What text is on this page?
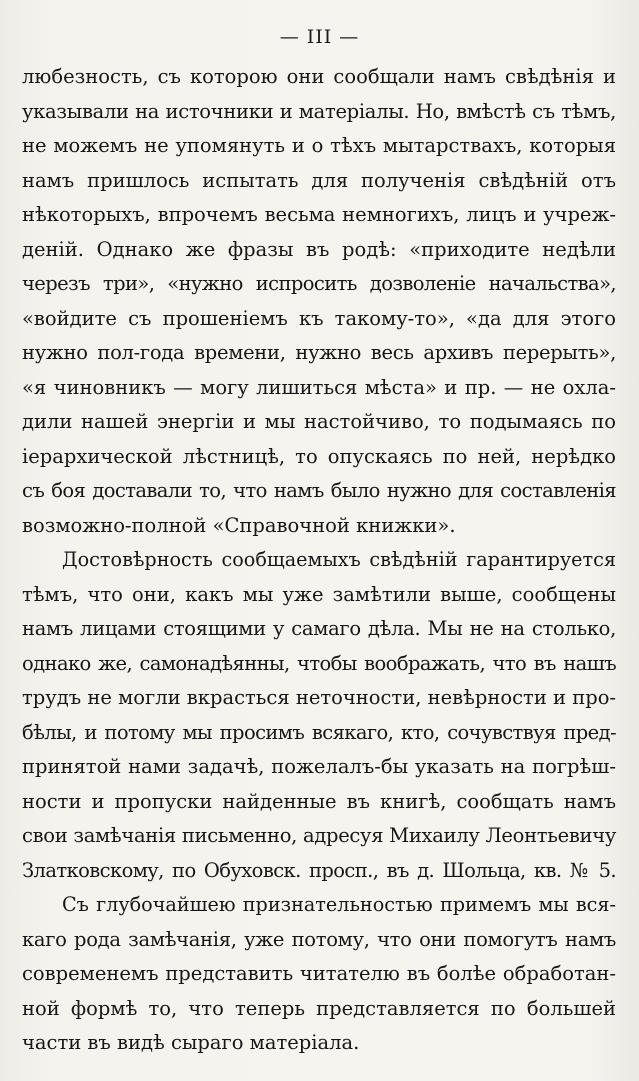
— III —
любезность, съ которою они сообщали намъ свѣдѣнія и
указывали на источники и матеріалы. Но, вмѣстѣ съ тѣмъ,
не можемъ не упомянуть и о тѣхъ мытарствахъ, которыя
намъ пришлось испытать для полученія свѣдѣній отъ
нѣкоторыхъ, впрочемъ весьма немногихъ, лицъ и учреж-
деній. Однако же фразы въ родѣ: «приходите недѣли
черезъ три», «нужно испросить дозволеніе начальства»,
«войдите съ прошеніемъ къ такому-то», «да для этого
нужно пол-года времени, нужно весь архивъ перерыть»,
«я чиновникъ — могу лишиться мѣста» и пр. — не охла-
дили нашей энергіи и мы настойчиво, то подымаясь по
іерархической лѣстницѣ, то опускаясь по ней, нерѣдко
съ боя доставали то, что намъ было нужно для составленія
возможно-полной «Справочной книжки».
Достовѣрность сообщаемыхъ свѣдѣній гарантируется
тѣмъ, что они, какъ мы уже замѣтили выше, сообщены
намъ лицами стоящими у самаго дѣла. Мы не на столько,
однако же, самонадѣянны, чтобы воображать, что въ нашъ
трудъ не могли вкрасться неточности, невѣрности и про-
бѣлы, и потому мы просимъ всякаго, кто, сочувствуя пред-
принятой нами задачѣ, пожелалъ-бы указать на погрѣш-
ности и пропуски найденные въ книгѣ, сообщать намъ
свои замѣчанія письменно, адресуя Михаилу Леонтьевичу
Златковскому, по Обуховск. просп., въ д. Шольца, кв. № 5.
Съ глубочайшею признательностью примемъ мы вся-
каго рода замѣчанія, уже потому, что они помогутъ намъ
современемъ представить читателю въ болѣе обработан-
ной формѣ то, что теперь представляется по большей
части въ видѣ сыраго матеріала.
